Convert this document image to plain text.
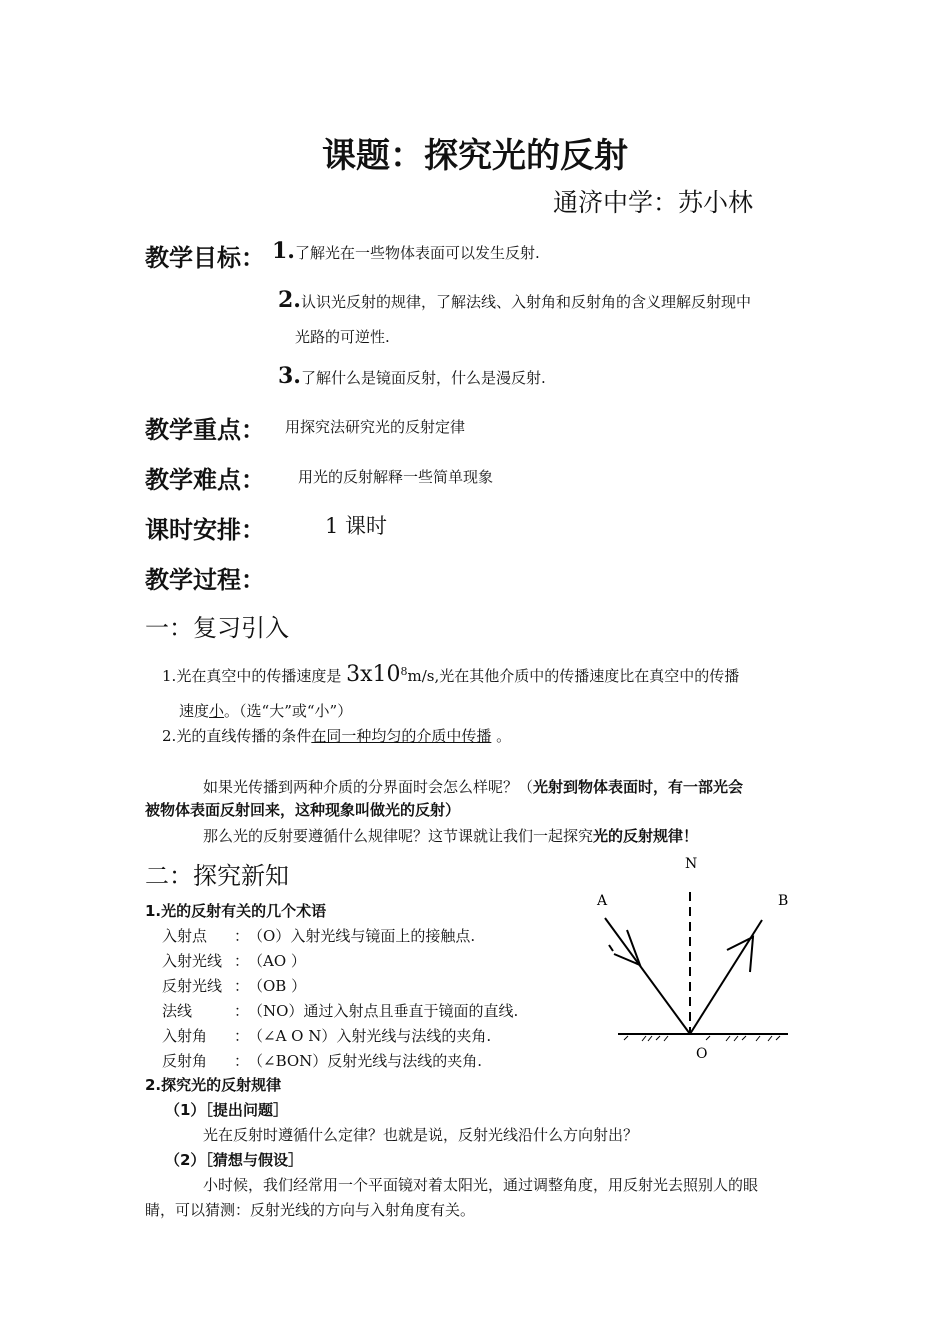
课题：探究光的反射
通济中学：苏小林
教学目标： 1.了解光在一些物体表面可以发生反射.
2.认识光反射的规律，了解法线、入射角和反射角的含义理解反射现中
光路的可逆性.
3.了解什么是镜面反射，什么是漫反射.
教学重点： 用探究法研究光的反射定律
教学难点： 用光的反射解释一些简单现象
课时安排：	1 课时
教学过程：
一：复习引入
1.光在真空中的传播速度是 $3x10^8m/s$,光在其他介质中的传播速度比在真空中的传播
速度小。（选“大”或“小”）
2.光的直线传播的条件在同一种均匀的介质中传播 。
如果光传播到两种介质的分界面时会怎么样呢？（光射到物体表面时，有一部光会
被物体表面反射回来，这种现象叫做光的反射）
那么光的反射要遵循什么规律呢？这节课就让我们一起探究光的反射规律！
二：探究新知
1.光的反射有关的几个术语
入射点 ：（O）入射光线与镜面上的接触点.
入射光线 ：（AO ）
反射光线 ：（OB ）
法线	：（NO）通过入射点且垂直于镜面的直线.
入射角 ：（∠A O N）入射光线与法线的夹角.
反射角 ：（∠BON）反射光线与法线的夹角.
2.探究光的反射规律
（1）［提出问题］
光在反射时遵循什么定律？也就是说，反射光线沿什么方向射出？
（2）［猜想与假设］
小时候，我们经常用一个平面镜对着太阳光，通过调整角度，用反射光去照别人的眼
睛，可以猜测：反射光线的方向与入射角度有关。
N
A	B
O
